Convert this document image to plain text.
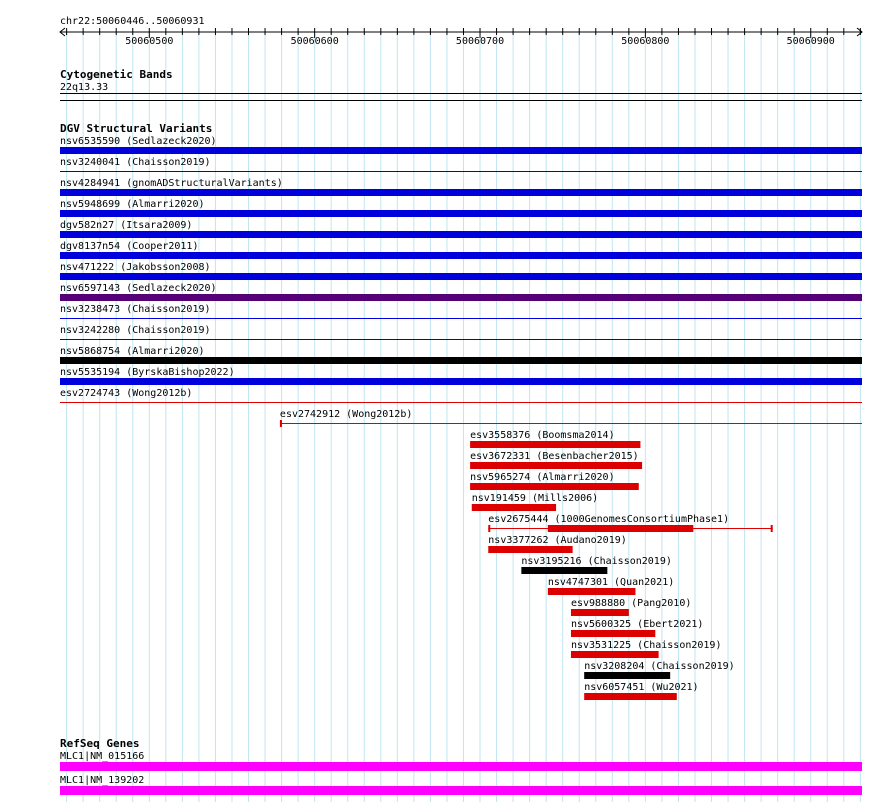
chr22:50060446..50060931
50060500	50060600	50060700	50060800	50060900
Cytogenetic Bands
22q13.33
DGV Structural Variants
nsv6535590 (Sedlazeck2020)
nsv3240041 (Chaisson2019)
nsv4284941 (gnomADStructuralVariants)
nsv5948699 (Almarri2020)
dgv582n27 (Itsara2009)
dgv8137n54 (Cooper2011)
nsv471222 (Jakobsson2008)
nsv6597143 (Sedlazeck2020)
nsv3238473 (Chaisson2019)
nsv3242280 (Chaisson2019)
nsv5868754 (Almarri2020)
nsv5535194 (ByrskaBishop2022)
esv2724743 (Wong2012b)
esv2742912 (Wong2012b)
esv3558376 (Boomsma2014)
esv3672331 (Besenbacher2015)
nsv5965274 (Almarri2020)
nsv191459 (Mills2006)
esv2675444 (1000GenomesConsortiumPhase1)
nsv3377262 (Audano2019)
nsv3195216 (Chaisson2019)
nsv4747301 (Quan2021)
esv988880 (Pang2010)
nsv5600325 (Ebert2021)
nsv3531225 (Chaisson2019)
nsv3208204 (Chaisson2019)
nsv6057451 (Wu2021)
RefSeq Genes
MLC1|NM_015166
MLC1|NM_139202
